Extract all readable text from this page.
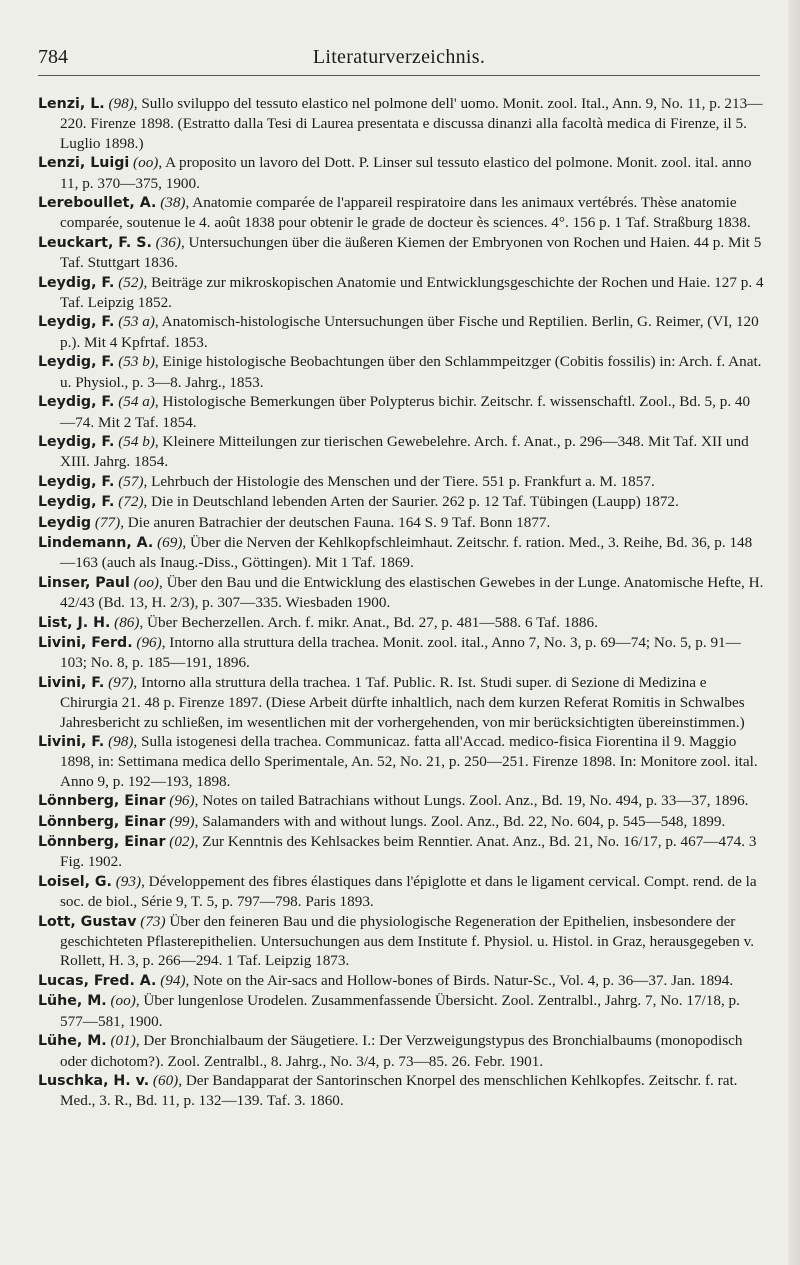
784	Literaturverzeichnis.

Lenzi, L. (98), Sullo sviluppo del tessuto elastico nel polmone dell' uomo. Monit. zool. Ital., Ann. 9, No. 11, p. 213—220. Firenze 1898. (Estratto dalla Tesi di Laurea presentata e discussa dinanzi alla facoltà medica di Firenze, il 5. Luglio 1898.)

Lenzi, Luigi (oo), A proposito un lavoro del Dott. P. Linser sul tessuto elastico del polmone. Monit. zool. ital. anno 11, p. 370—375, 1900.

Lereboullet, A. (38), Anatomie comparée de l'appareil respiratoire dans les animaux vertébrés. Thèse anatomie comparée, soutenue le 4. août 1838 pour obtenir le grade de docteur ès sciences. 4°. 156 p. 1 Taf. Straßburg 1838.

Leuckart, F. S. (36), Untersuchungen über die äußeren Kiemen der Embryonen von Rochen und Haien. 44 p. Mit 5 Taf. Stuttgart 1836.

Leydig, F. (52), Beiträge zur mikroskopischen Anatomie und Entwicklungsgeschichte der Rochen und Haie. 127 p. 4 Taf. Leipzig 1852.

Leydig, F. (53 a), Anatomisch-histologische Untersuchungen über Fische und Reptilien. Berlin, G. Reimer, (VI, 120 p.). Mit 4 Kpfrtaf. 1853.

Leydig, F. (53 b), Einige histologische Beobachtungen über den Schlammpeitzger (Cobitis fossilis) in: Arch. f. Anat. u. Physiol., p. 3—8. Jahrg., 1853.

Leydig, F. (54 a), Histologische Bemerkungen über Polypterus bichir. Zeitschr. f. wissenschaftl. Zool., Bd. 5, p. 40—74. Mit 2 Taf. 1854.

Leydig, F. (54 b), Kleinere Mitteilungen zur tierischen Gewebelehre. Arch. f. Anat., p. 296—348. Mit Taf. XII und XIII. Jahrg. 1854.

Leydig, F. (57), Lehrbuch der Histologie des Menschen und der Tiere. 551 p. Frankfurt a. M. 1857.

Leydig, F. (72), Die in Deutschland lebenden Arten der Saurier. 262 p. 12 Taf. Tübingen (Laupp) 1872.

Leydig (77), Die anuren Batrachier der deutschen Fauna. 164 S. 9 Taf. Bonn 1877.

Lindemann, A. (69), Über die Nerven der Kehlkopfschleimhaut. Zeitschr. f. ration. Med., 3. Reihe, Bd. 36, p. 148—163 (auch als Inaug.-Diss., Göttingen). Mit 1 Taf. 1869.

Linser, Paul (oo), Über den Bau und die Entwicklung des elastischen Gewebes in der Lunge. Anatomische Hefte, H. 42/43 (Bd. 13, H. 2/3), p. 307—335. Wiesbaden 1900.

List, J. H. (86), Über Becherzellen. Arch. f. mikr. Anat., Bd. 27, p. 481—588. 6 Taf. 1886.

Livini, Ferd. (96), Intorno alla struttura della trachea. Monit. zool. ital., Anno 7, No. 3, p. 69—74; No. 5, p. 91—103; No. 8, p. 185—191, 1896.

Livini, F. (97), Intorno alla struttura della trachea. 1 Taf. Public. R. Ist. Studi super. di Sezione di Medizina e Chirurgia 21. 48 p. Firenze 1897. (Diese Arbeit dürfte inhaltlich, nach dem kurzen Referat Romitis in Schwalbes Jahresbericht zu schließen, im wesentlichen mit der vorhergehenden, von mir berücksichtigten übereinstimmen.)

Livini, F. (98), Sulla istogenesi della trachea. Communicaz. fatta all'Accad. medico-fisica Fiorentina il 9. Maggio 1898, in: Settimana medica dello Sperimentale, An. 52, No. 21, p. 250—251. Firenze 1898. In: Monitore zool. ital. Anno 9, p. 192—193, 1898.

Lönnberg, Einar (96), Notes on tailed Batrachians without Lungs. Zool. Anz., Bd. 19, No. 494, p. 33—37, 1896.

Lönnberg, Einar (99), Salamanders with and without lungs. Zool. Anz., Bd. 22, No. 604, p. 545—548, 1899.

Lönnberg, Einar (02), Zur Kenntnis des Kehlsackes beim Renntier. Anat. Anz., Bd. 21, No. 16/17, p. 467—474. 3 Fig. 1902.

Loisel, G. (93), Développement des fibres élastiques dans l'épiglotte et dans le ligament cervical. Compt. rend. de la soc. de biol., Série 9, T. 5, p. 797—798. Paris 1893.

Lott, Gustav (73) Über den feineren Bau und die physiologische Regeneration der Epithelien, insbesondere der geschichteten Pflasterepithelien. Untersuchungen aus dem Institute f. Physiol. u. Histol. in Graz, herausgegeben v. Rollett, H. 3, p. 266—294. 1 Taf. Leipzig 1873.

Lucas, Fred. A. (94), Note on the Air-sacs and Hollow-bones of Birds. Natur-Sc., Vol. 4, p. 36—37. Jan. 1894.

Lühe, M. (oo), Über lungenlose Urodelen. Zusammenfassende Übersicht. Zool. Zentralbl., Jahrg. 7, No. 17/18, p. 577—581, 1900.

Lühe, M. (01), Der Bronchialbaum der Säugetiere. I.: Der Verzweigungstypus des Bronchialbaums (monopodisch oder dichotom?). Zool. Zentralbl., 8. Jahrg., No. 3/4, p. 73—85. 26. Febr. 1901.

Luschka, H. v. (60), Der Bandapparat der Santorinschen Knorpel des menschlichen Kehlkopfes. Zeitschr. f. rat. Med., 3. R., Bd. 11, p. 132—139. Taf. 3. 1860.
